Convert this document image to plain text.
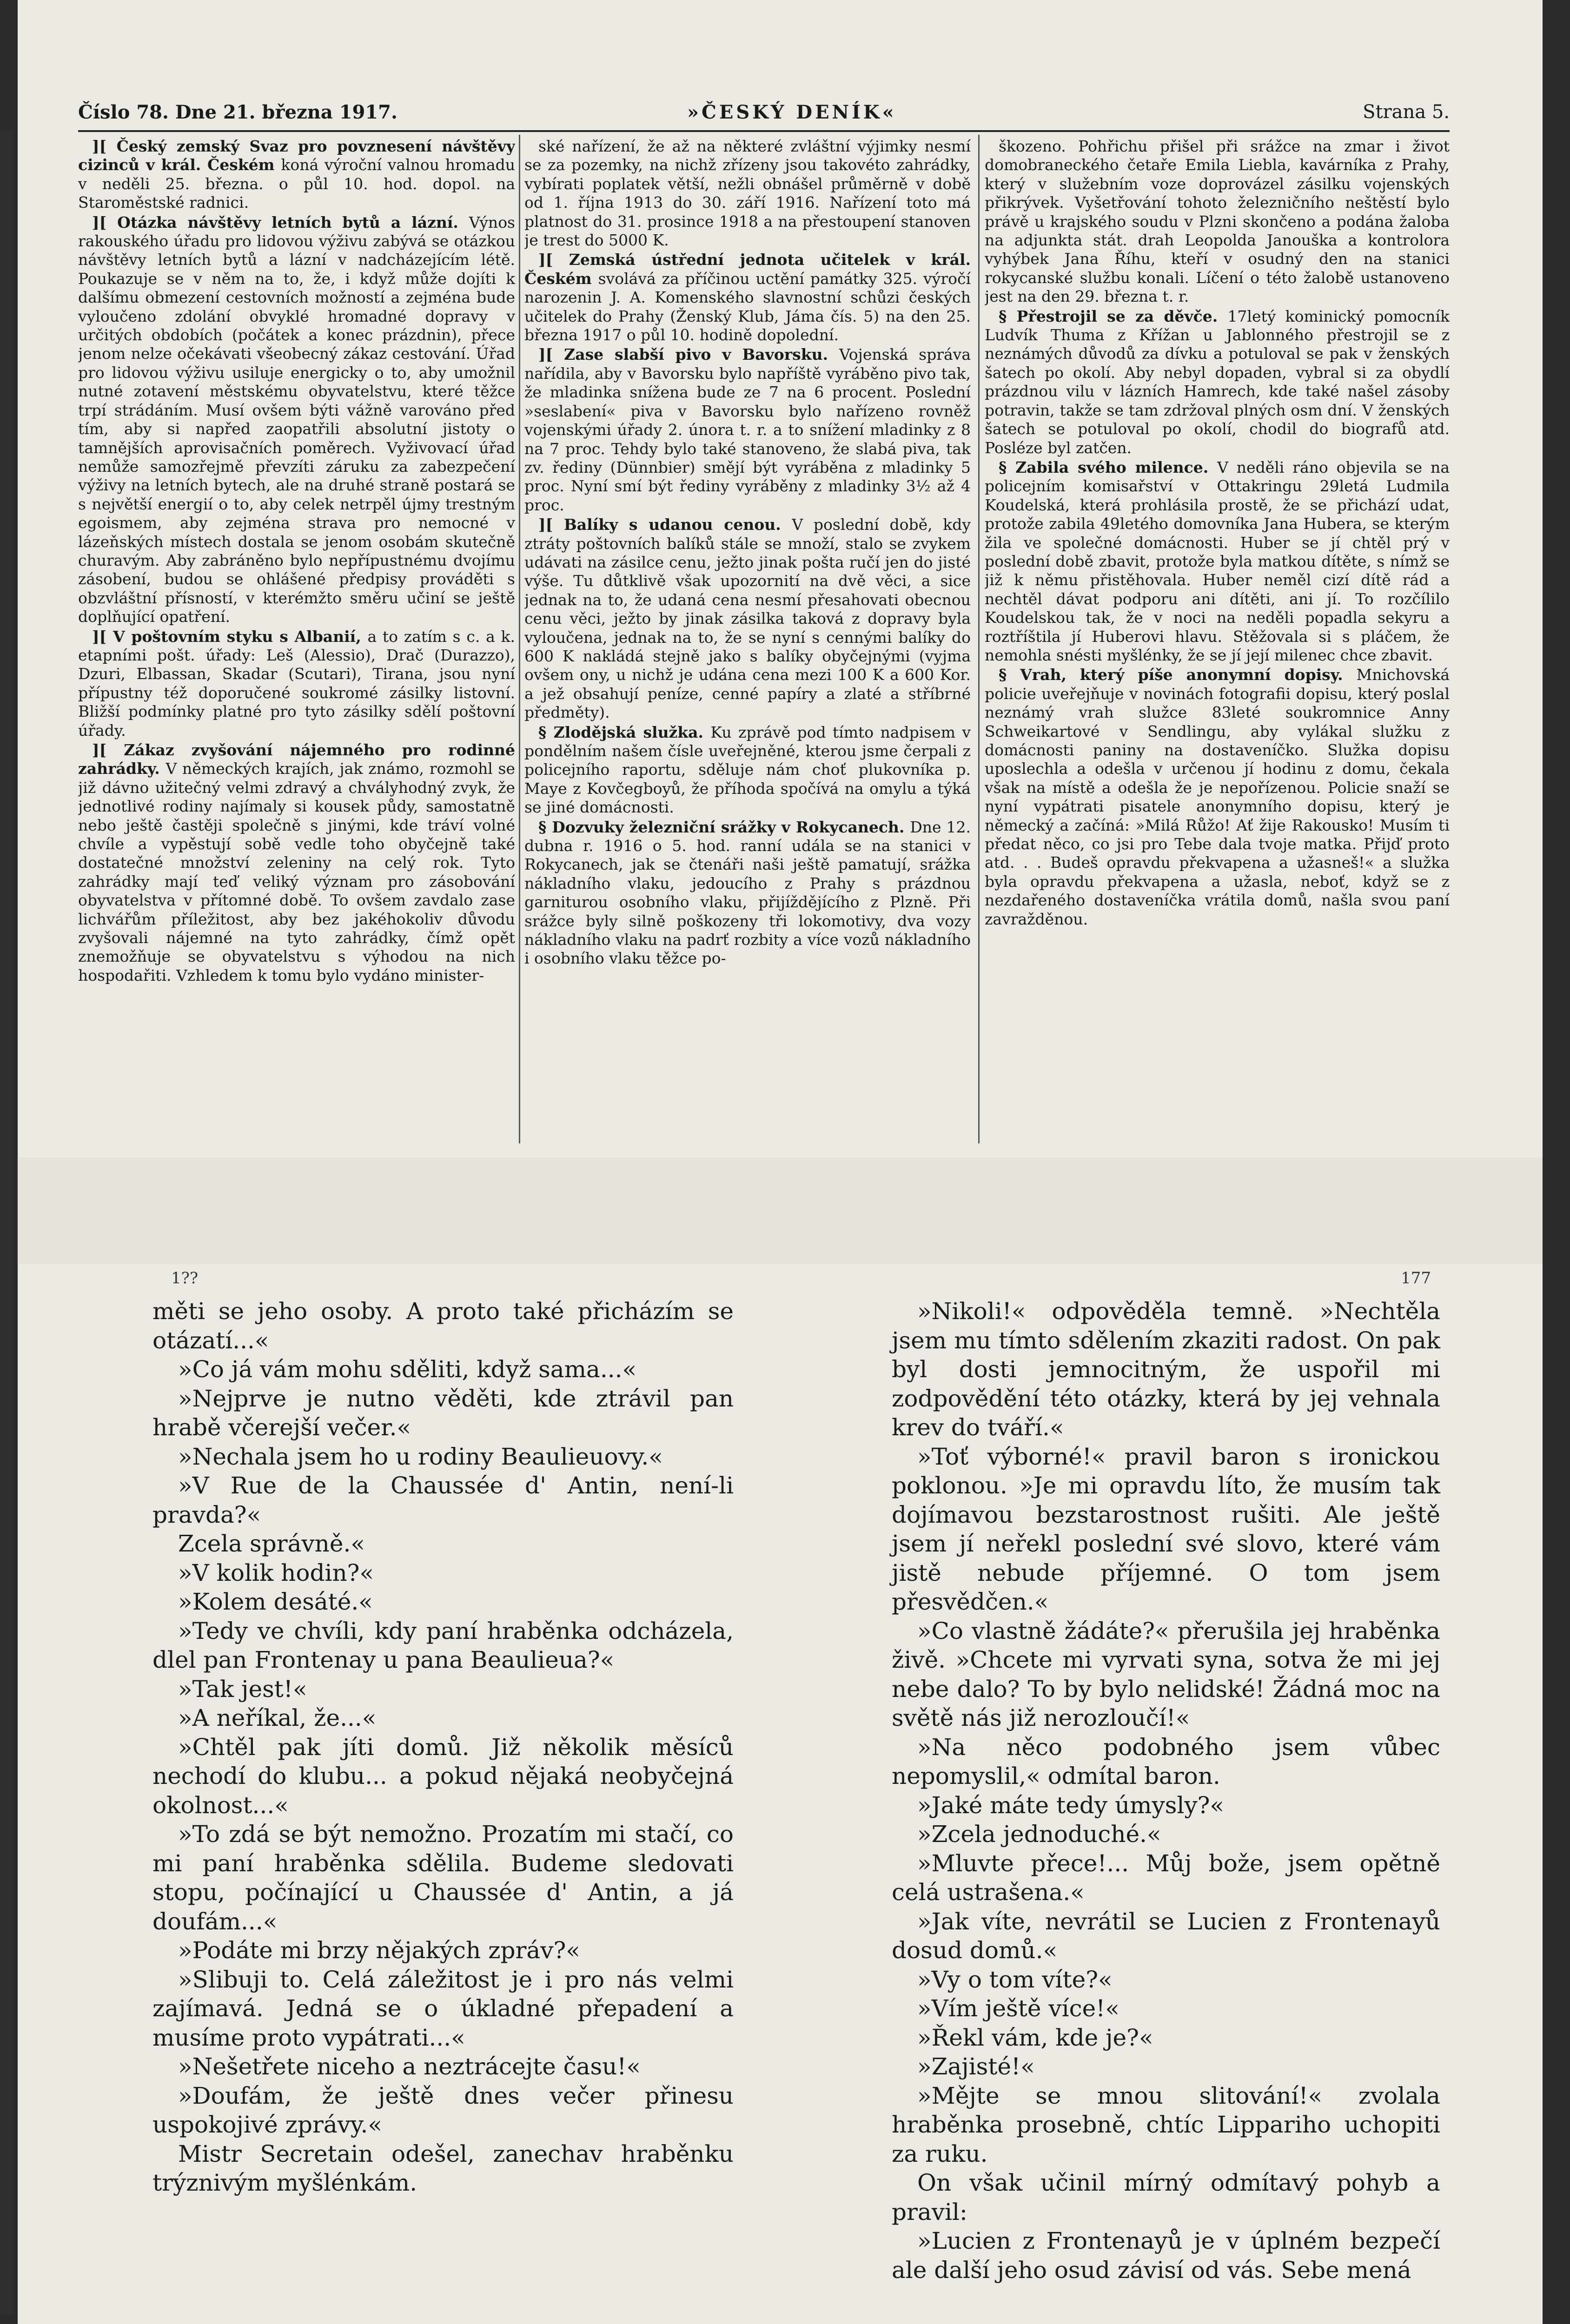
Číslo 78. Dne 21. března 1917.	»ČESKÝ DENÍK«	Strana 5.

][ Český zemský Svaz pro povznesení návštěvy cizinců v král. Českém koná výroční valnou hromadu v neděli 25. března. o půl 10. hod. dopol. na Staroměstské radnici.

][ Otázka návštěvy letních bytů a lázní. Výnos rakouského úřadu pro lidovou výživu zabývá se otázkou návštěvy letních bytů a lázní v nadcházejícím létě. Poukazuje se v něm na to, že, i když může dojíti k dalšímu obmezení cestovních možností a zejména bude vyloučeno zdolání obvyklé hromadné dopravy v určitých obdobích (počátek a konec prázdnin), přece jenom nelze očekávati všeobecný zákaz cestování. Úřad pro lidovou výživu usiluje energicky o to, aby umožnil nutné zotavení městskému obyvatelstvu, které těžce trpí strádáním. Musí ovšem býti vážně varováno před tím, aby si napřed zaopatřili absolutní jistoty o tamnějších aprovisačních poměrech. Vyživovací úřad nemůže samozřejmě převzíti záruku za zabezpečení výživy na letních bytech, ale na druhé straně postará se s největší energií o to, aby celek netrpěl újmy trestným egoismem, aby zejména strava pro nemocné v lázeňských místech dostala se jenom osobám skutečně churavým. Aby zabráněno bylo nepřípustnému dvojímu zásobení, budou se ohlášené předpisy prováděti s obzvláštní přísností, v kterémžto směru učiní se ještě doplňující opatření.

][ V poštovním styku s Albanií, a to zatím s c. a k. etapními pošt. úřady: Leš (Alessio), Drač (Durazzo), Dzuri, Elbassan, Skadar (Scutari), Tirana, jsou nyní přípustny též doporučené soukromé zásilky listovní. Bližší podmínky platné pro tyto zásilky sdělí poštovní úřady.

][ Zákaz zvyšování nájemného pro rodinné zahrádky. V německých krajích, jak známo, rozmohl se již dávno užitečný velmi zdravý a chvályhodný zvyk, že jednotlivé rodiny najímaly si kousek půdy, samostatně nebo ještě častěji společně s jinými, kde tráví volné chvíle a vypěstují sobě vedle toho obyčejně také dostatečné množství zeleniny na celý rok. Tyto zahrádky mají teď veliký význam pro zásobování obyvatelstva v přítomné době. To ovšem zavdalo zase lichvářům příležitost, aby bez jakéhokoliv důvodu zvyšovali nájemné na tyto zahrádky, čímž opět znemožňuje se obyvatelstvu s výhodou na nich hospodařiti. Vzhledem k tomu bylo vydáno minister-

ské nařízení, že až na některé zvláštní výjimky nesmí se za pozemky, na nichž zřízeny jsou takovéto zahrádky, vybírati poplatek větší, nežli obnášel průměrně v době od 1. října 1913 do 30. září 1916. Nařízení toto má platnost do 31. prosince 1918 a na přestoupení stanoven je trest do 5000 K.

][ Zemská ústřední jednota učitelek v král. Českém svolává za příčinou uctění památky 325. výročí narozenin J. A. Komenského slavnostní schůzi českých učitelek do Prahy (Ženský Klub, Jáma čís. 5) na den 25. března 1917 o půl 10. hodině dopolední.

][ Zase slabší pivo v Bavorsku. Vojenská správa nařídila, aby v Bavorsku bylo napříště vyráběno pivo tak, že mladinka snížena bude ze 7 na 6 procent. Poslední »seslabení« piva v Bavorsku bylo nařízeno rovněž vojenskými úřady 2. února t. r. a to snížení mladinky z 8 na 7 proc. Tehdy bylo také stanoveno, že slabá piva, tak zv. řediny (Dünnbier) smějí být vyráběna z mladinky 5 proc. Nyní smí být řediny vyráběny z mladinky 3½ až 4 proc.

][ Balíky s udanou cenou. V poslední době, kdy ztráty poštovních balíků stále se množí, stalo se zvykem udávati na zásilce cenu, ježto jinak pošta ručí jen do jisté výše. Tu důtklivě však upozornití na dvě věci, a sice jednak na to, že udaná cena nesmí přesahovati obecnou cenu věci, ježto by jinak zásilka taková z dopravy byla vyloučena, jednak na to, že se nyní s cennými balíky do 600 K nakládá stejně jako s balíky obyčejnými (vyjma ovšem ony, u nichž je udána cena mezi 100 K a 600 Kor. a jež obsahují peníze, cenné papíry a zlaté a stříbrné předměty).

§ Zlodějská služka. Ku zprávě pod tímto nadpisem v pondělním našem čísle uveřejněné, kterou jsme čerpali z policejního raportu, sděluje nám choť plukovníka p. Maye z Kovčegboyů, že příhoda spočívá na omylu a týká se jiné domácnosti.

§ Dozvuky železniční srážky v Rokycanech. Dne 12. dubna r. 1916 o 5. hod. ranní udála se na stanici v Rokycanech, jak se čtenáři naši ještě pamatují, srážka nákladního vlaku, jedoucího z Prahy s prázdnou garniturou osobního vlaku, přijíždějícího z Plzně. Při srážce byly silně poškozeny tři lokomotivy, dva vozy nákladního vlaku na padrť rozbity a více vozů nákladního i osobního vlaku těžce po-

škozeno. Pohřichu přišel při srážce na zmar i život domobraneckého četaře Emila Liebla, kavárníka z Prahy, který v služebním voze doprovázel zásilku vojenských přikrývek. Vyšetřování tohoto železničního neštěstí bylo právě u krajského soudu v Plzni skončeno a podána žaloba na adjunkta stát. drah Leopolda Janouška a kontrolora vyhýbek Jana Říhu, kteří v osudný den na stanici rokycanské službu konali. Líčení o této žalobě ustanoveno jest na den 29. března t. r.

§ Přestrojil se za děvče. 17letý kominický pomocník Ludvík Thuma z Křížan u Jablonného přestrojil se z neznámých důvodů za dívku a potuloval se pak v ženských šatech po okolí. Aby nebyl dopaden, vybral si za obydlí prázdnou vilu v lázních Hamrech, kde také našel zásoby potravin, takže se tam zdržoval plných osm dní. V ženských šatech se potuloval po okolí, chodil do biografů atd. Posléze byl zatčen.

§ Zabila svého milence. V neděli ráno objevila se na policejním komisařství v Ottakringu 29letá Ludmila Koudelská, která prohlásila prostě, že se přichází udat, protože zabila 49letého domovníka Jana Hubera, se kterým žila ve společné domácnosti. Huber se jí chtěl prý v poslední době zbavit, protože byla matkou dítěte, s nímž se již k němu přistěhovala. Huber neměl cizí dítě rád a nechtěl dávat podporu ani dítěti, ani jí. To rozčílilo Koudelskou tak, že v noci na neděli popadla sekyru a roztříštila jí Huberovi hlavu. Stěžovala si s pláčem, že nemohla snésti myšlénky, že se jí její milenec chce zbavit.

§ Vrah, který píše anonymní dopisy. Mnichovská policie uveřejňuje v novinách fotografii dopisu, který poslal neznámý vrah služce 83leté soukromnice Anny Schweikartové v Sendlingu, aby vylákal služku z domácnosti paniny na dostaveníčko. Služka dopisu uposlechla a odešla v určenou jí hodinu z domu, čekala však na místě a odešla že je nepořízenou. Policie snaží se nyní vypátrati pisatele anonymního dopisu, který je německý a začíná: »Milá Růžo! Ať žije Rakousko! Musím ti předat něco, co jsi pro Tebe dala tvoje matka. Přijď proto atd. . . Budeš opravdu překvapena a užasneš!« a služka byla opravdu překvapena a užasla, neboť, když se z nezdařeného dostaveníčka vrátila domů, našla svou paní zavražděnou.

1??

měti se jeho osoby. A proto také přicházím se otázatí...«

»Co já vám mohu sděliti, když sama...«

»Nejprve je nutno věděti, kde ztrávil pan hrabě včerejší večer.«

»Nechala jsem ho u rodiny Beaulieuovy.«

»V Rue de la Chaussée d' Antin, není-li pravda?«

Zcela správně.«

»V kolik hodin?«

»Kolem desáté.«

»Tedy ve chvíli, kdy paní hraběnka odcházela, dlel pan Frontenay u pana Beaulieua?«

»Tak jest!«

»A neříkal, že...«

»Chtěl pak jíti domů. Již několik měsíců nechodí do klubu... a pokud nějaká neobyčejná okolnost...«

»To zdá se být nemožno. Prozatím mi stačí, co mi paní hraběnka sdělila. Budeme sledovati stopu, počínající u Chaussée d' Antin, a já doufám...«

»Podáte mi brzy nějakých zpráv?«

»Slibuji to. Celá záležitost je i pro nás velmi zajímavá. Jedná se o úkladné přepadení a musíme proto vypátrati...«

»Nešetřete niceho a neztrácejte času!«

»Doufám, že ještě dnes večer přinesu uspokojivé zprávy.«

Mistr Secretain odešel, zanechav hraběnku trýznivým myšlénkám.

177

»Nikoli!« odpověděla temně. »Nechtěla jsem mu tímto sdělením zkaziti radost. On pak byl dosti jemnocitným, že uspořil mi zodpovědění této otázky, která by jej vehnala krev do tváří.«

»Toť výborné!« pravil baron s ironickou poklonou. »Je mi opravdu líto, že musím tak dojímavou bezstarostnost rušiti. Ale ještě jsem jí neřekl poslední své slovo, které vám jistě nebude příjemné. O tom jsem přesvědčen.«

»Co vlastně žádáte?« přerušila jej hraběnka živě. »Chcete mi vyrvati syna, sotva že mi jej nebe dalo? To by bylo nelidské! Žádná moc na světě nás již nerozloučí!«

»Na něco podobného jsem vůbec nepomyslil,« odmítal baron.

»Jaké máte tedy úmysly?«

»Zcela jednoduché.«

»Mluvte přece!... Můj bože, jsem opětně celá ustrašena.«

»Jak víte, nevrátil se Lucien z Frontenayů dosud domů.«

»Vy o tom víte?«

»Vím ještě více!«

»Řekl vám, kde je?«

»Zajisté!«

»Mějte se mnou slitování!« zvolala hraběnka prosebně, chtíc Lippariho uchopiti za ruku.

On však učinil mírný odmítavý pohyb a pravil:

»Lucien z Frontenayů je v úplném bezpečí ale další jeho osud závisí od vás. Sebe mená
